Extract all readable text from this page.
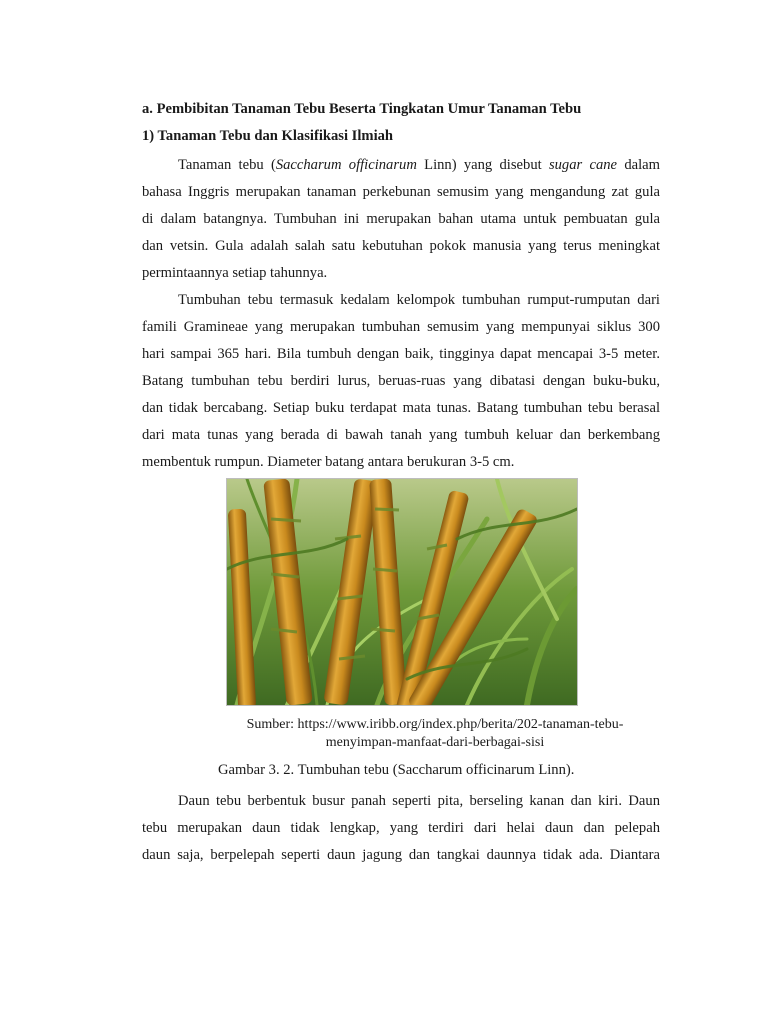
a. Pembibitan Tanaman Tebu Beserta Tingkatan Umur Tanaman Tebu

1) Tanaman Tebu dan Klasifikasi Ilmiah

Tanaman tebu (Saccharum officinarum Linn) yang disebut sugar cane dalam
bahasa Inggris merupakan tanaman perkebunan semusim yang mengandung zat gula
di dalam batangnya. Tumbuhan ini merupakan bahan utama untuk pembuatan gula
dan vetsin. Gula adalah salah satu kebutuhan pokok manusia yang terus meningkat
permintaannya setiap tahunnya.
Tumbuhan tebu termasuk kedalam kelompok tumbuhan rumput-rumputan dari
famili Gramineae yang merupakan tumbuhan semusim yang mempunyai siklus 300
hari sampai 365 hari. Bila tumbuh dengan baik, tingginya dapat mencapai 3-5 meter.
Batang tumbuhan tebu berdiri lurus, beruas-ruas yang dibatasi dengan buku-buku,
dan tidak bercabang. Setiap buku terdapat mata tunas. Batang tumbuhan tebu berasal
dari mata tunas yang berada di bawah tanah yang tumbuh keluar dan berkembang
membentuk rumpun. Diameter batang antara berukuran 3-5 cm.
Sumber: https://www.iribb.org/index.php/berita/202-tanaman-tebu-
menyimpan-manfaat-dari-berbagai-sisi

Gambar 3. 2. Tumbuhan tebu (Saccharum officinarum Linn).

Daun tebu berbentuk busur panah seperti pita, berseling kanan dan kiri. Daun
tebu merupakan daun tidak lengkap, yang terdiri dari helai daun dan pelepah
daun saja, berpelepah seperti daun jagung dan tangkai daunnya tidak ada. Diantara
